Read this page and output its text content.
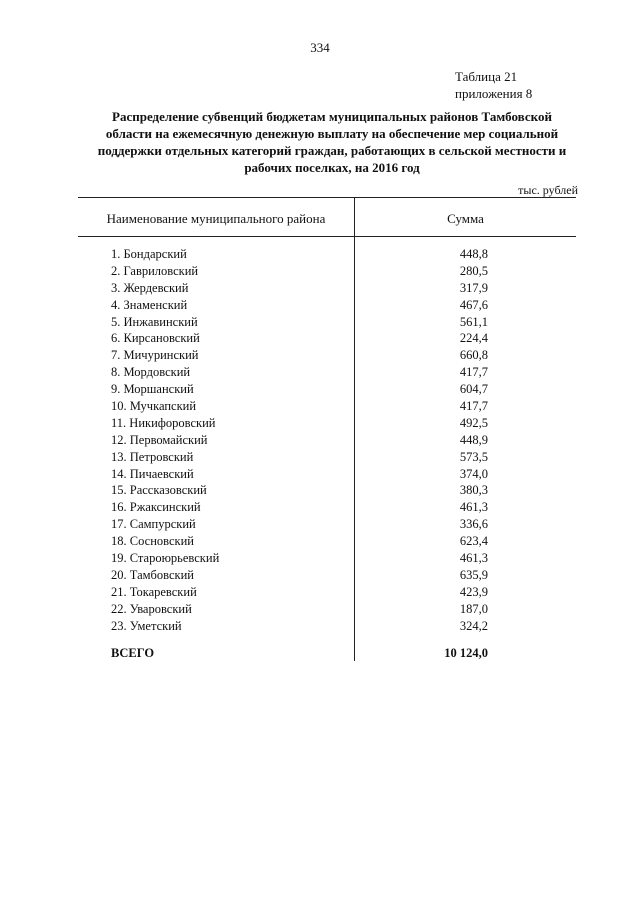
334
Таблица 21
приложения 8
Распределение субвенций бюджетам муниципальных районов Тамбовской области на ежемесячную денежную выплату на обеспечение мер социальной поддержки отдельных категорий граждан, работающих в сельской местности и рабочих поселках, на 2016 год
тыс. рублей
Наименование муниципального района	Сумма
1. Бондарский	448,8
2. Гавриловский	280,5
3. Жердевский	317,9
4. Знаменский	467,6
5. Инжавинский	561,1
6. Кирсановский	224,4
7. Мичуринский	660,8
8. Мордовский	417,7
9. Моршанский	604,7
10. Мучкапский	417,7
11. Никифоровский	492,5
12. Первомайский	448,9
13. Петровский	573,5
14. Пичаевский	374,0
15. Рассказовский	380,3
16. Ржаксинский	461,3
17. Сампурский	336,6
18. Сосновский	623,4
19. Староюрьевский	461,3
20. Тамбовский	635,9
21. Токаревский	423,9
22. Уваровский	187,0
23. Уметский	324,2
ВСЕГО	10 124,0
